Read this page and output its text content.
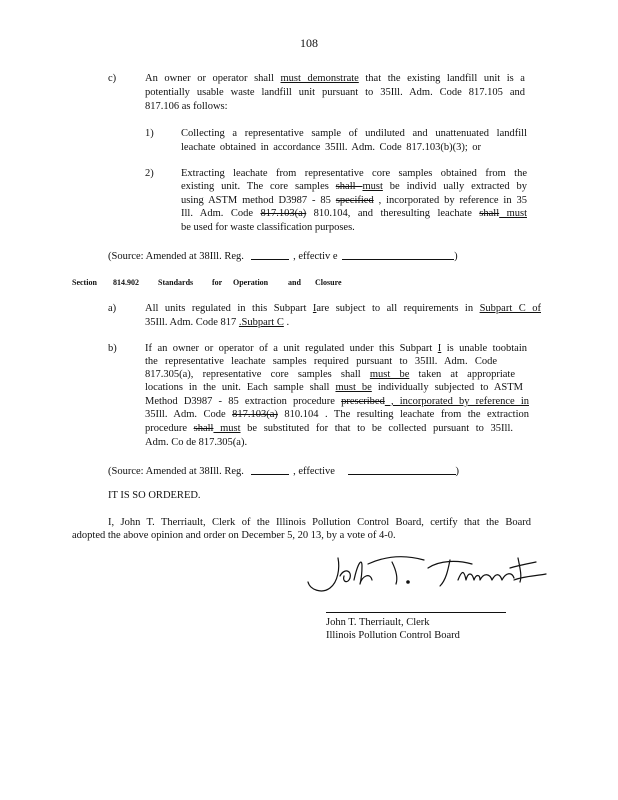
108
c)	An owner or operator shall must demonstrate that the existing landfill unit is a
potentially usable waste landfill unit pursuant to 35Ill. Adm. Code 817.105 and
817.106 as follows:
1)	Collecting a representative sample of undiluted and unattenuated landfill
leachate obtained in accordance 35Ill. Adm. Code 817.103(b)(3); or
2)	Extracting leachate from representative core samples obtained from the
existing unit. The core samples shall must be individ ually extracted by
using ASTM method D3987 - 85 specified , incorporated by reference in 35
Ill. Adm. Code 817.103(a) 810.104, and theresulting leachate shall must
be used for waste classification purposes.
(Source: Amended at 38Ill. Reg.	, effectiv e	)
Section 814.902 Standards for Operation and Closure
a)	All units regulated in this Subpart Iare subject to all requirements in Subpart C of
35Ill. Adm. Code 817 .Subpart C .
b)	If an owner or operator of a unit regulated under this Subpart I is unable toobtain
the representative leachate samples required pursuant to 35Ill. Adm. Code
817.305(a), representative core samples shall must be taken at appropriate
locations in the unit. Each sample shall must be individually subjected to ASTM
Method D3987 - 85 extraction procedure prescribed , incorporated by reference in
35Ill. Adm. Code 817.103(a) 810.104 . The resulting leachate from the extraction
procedure shall must be substituted for that to be collected pursuant to 35Ill.
Adm. Co de 817.305(a).
(Source: Amended at 38Ill. Reg.	, effective	)
IT IS SO ORDERED.
I, John T. Therriault, Clerk of the Illinois Pollution Control Board, certify that the Board
adopted the above opinion and order on December 5, 20 13, by a vote of 4-0.
John T. Therriault, Clerk
Illinois Pollution Control Board
